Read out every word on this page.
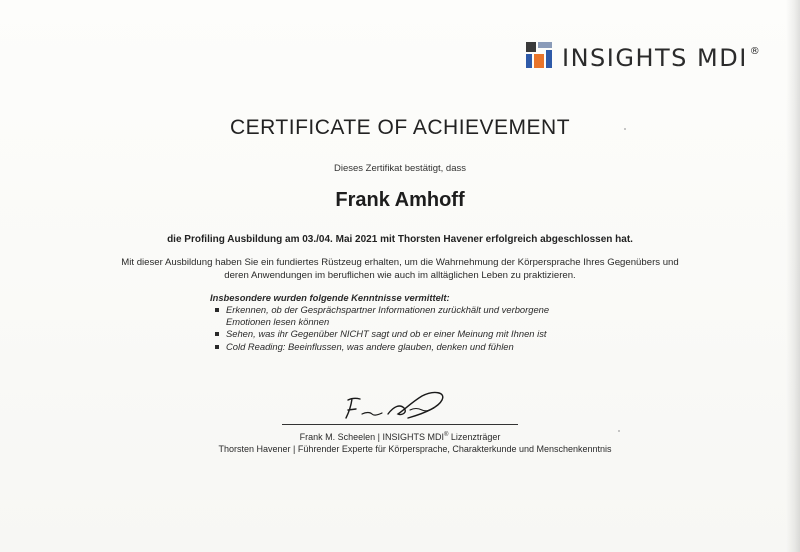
INSIGHTS MDI ®
CERTIFICATE OF ACHIEVEMENT
Dieses Zertifikat bestätigt, dass
Frank Amhoff
die Profiling Ausbildung am 03./04. Mai 2021 mit Thorsten Havener erfolgreich abgeschlossen hat.
Mit dieser Ausbildung haben Sie ein fundiertes Rüstzeug erhalten, um die Wahrnehmung der Körpersprache Ihres Gegenübers und deren Anwendungen im beruflichen wie auch im alltäglichen Leben zu praktizieren.
Insbesondere wurden folgende Kenntnisse vermittelt:
Erkennen, ob der Gesprächspartner Informationen zurückhält und verborgene Emotionen lesen können
Sehen, was ihr Gegenüber NICHT sagt und ob er einer Meinung mit Ihnen ist
Cold Reading: Beeinflussen, was andere glauben, denken und fühlen
Frank M. Scheelen | INSIGHTS MDI® Lizenzträger
Thorsten Havener | Führender Experte für Körpersprache, Charakterkunde und Menschenkenntnis
